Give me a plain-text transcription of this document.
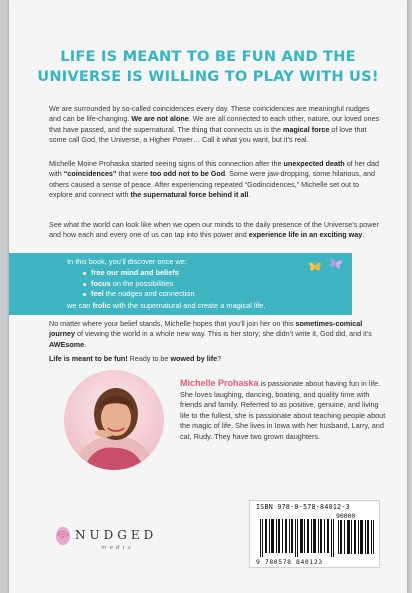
LIFE IS MEANT TO BE FUN AND THE UNIVERSE IS WILLING TO PLAY WITH US!

We are surrounded by so-called coincidences every day. These coincidences are meaningful nudges and can be life-changing. We are not alone. We are all connected to each other, nature, our loved ones that have passed, and the supernatural. The thing that connects us is the magical force of love that some call God, the Universe, a Higher Power… Call it what you want, but it’s real.

Michelle Moine Prohaska started seeing signs of this connection after the unexpected death of her dad with “coincidences” that were too odd not to be God. Some were jaw-dropping, some hilarious, and others caused a sense of peace. After experiencing repeated “Godincidences,” Michelle set out to explore and connect with the supernatural force behind it all.

See what the world can look like when we open our minds to the daily presence of the Universe’s power and how each and every one of us can tap into this power and experience life in an exciting way.

In this book, you’ll discover once we:
free our mind and beliefs
focus on the possibilities
feel the nudges and connection
we can frolic with the supernatural and create a magical life.

No matter where your belief stands, Michelle hopes that you’ll join her on this sometimes-comical journey of viewing the world in a whole new way. This is her story; she didn’t write it, God did, and it’s AWEsome.

Life is meant to be fun! Ready to be wowed by life?

Michelle Prohaska is passionate about having fun in life. She loves laughing, dancing, boating, and quality time with friends and family. Referred to as positive, genuine, and living life to the fullest, she is passionate about teaching people about the magic of life. She lives in Iowa with her husband, Larry, and cat, Rudy. They have two grown daughters.

ISBN 978-0-578-84012-3
90000
9 780578 840123
NUDGED
media
